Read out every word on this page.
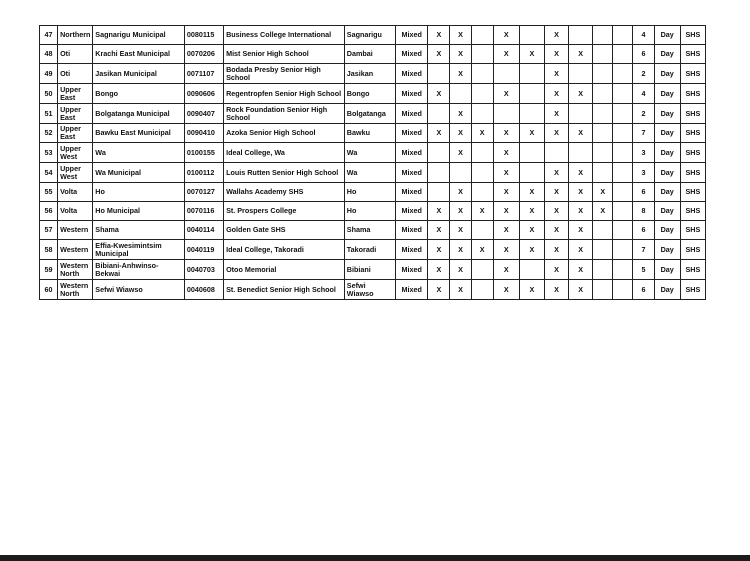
47	Northern	Sagnarigu Municipal	0080115	Business College International	Sagnarigu	Mixed	X	X		X		X				4	Day	SHS
48	Oti	Krachi East Municipal	0070206	Mist Senior High School	Dambai	Mixed	X	X		X	X	X	X			6	Day	SHS
49	Oti	Jasikan Municipal	0071107	Bodada Presby Senior High School	Jasikan	Mixed		X				X				2	Day	SHS
50	Upper East	Bongo	0090606	Regentropfen Senior High School	Bongo	Mixed	X			X		X	X			4	Day	SHS
51	Upper East	Bolgatanga Municipal	0090407	Rock Foundation Senior High School	Bolgatanga	Mixed		X				X				2	Day	SHS
52	Upper East	Bawku East Municipal	0090410	Azoka Senior High School	Bawku	Mixed	X	X	X	X	X	X	X			7	Day	SHS
53	Upper West	Wa	0100155	Ideal College, Wa	Wa	Mixed		X		X						3	Day	SHS
54	Upper West	Wa Municipal	0100112	Louis Rutten Senior High School	Wa	Mixed				X		X	X			3	Day	SHS
55	Volta	Ho	0070127	Wallahs Academy SHS	Ho	Mixed		X		X	X	X	X	X		6	Day	SHS
56	Volta	Ho Municipal	0070116	St. Prospers College	Ho	Mixed	X	X	X	X	X	X	X	X		8	Day	SHS
57	Western	Shama	0040114	Golden Gate SHS	Shama	Mixed	X	X		X	X	X	X			6	Day	SHS
58	Western	Effia-Kwesimintsim Municipal	0040119	Ideal College, Takoradi	Takoradi	Mixed	X	X	X	X	X	X	X			7	Day	SHS
59	Western North	Bibiani-Anhwinso-Bekwai	0040703	Otoo Memorial	Bibiani	Mixed	X	X		X		X	X			5	Day	SHS
60	Western North	Sefwi Wiawso	0040608	St. Benedict Senior High School	Sefwi Wiawso	Mixed	X	X		X	X	X	X			6	Day	SHS
